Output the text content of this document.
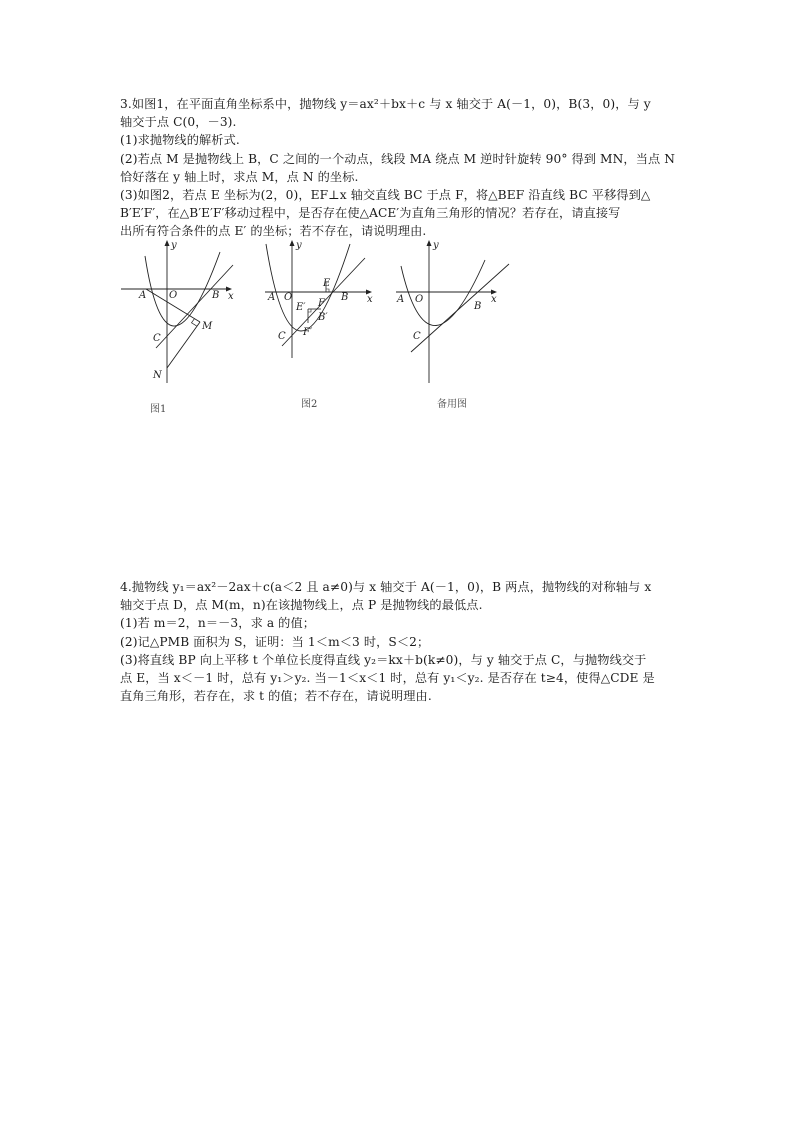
3.如图1，在平面直角坐标系中，抛物线 y＝ax²＋bx＋c 与 x 轴交于 A(－1，0)，B(3，0)，与 y
轴交于点 C(0，－3).
(1)求抛物线的解析式.
(2)若点 M 是抛物线上 B，C 之间的一个动点，线段 MA 绕点 M 逆时针旋转 90° 得到 MN，当点 N
恰好落在 y 轴上时，求点 M，点 N 的坐标.
(3)如图2，若点 E 坐标为(2，0)，EF⊥x 轴交直线 BC 于点 F，将△BEF 沿直线 BC 平移得到△
B′E′F′，在△B′E′F′移动过程中，是否存在使△ACE′为直角三角形的情况？若存在，请直接写
出所有符合条件的点 E′ 的坐标；若不存在，请说明理由.
y
x
A O	B
C
M
N
图1
y
x
A O
E
F
B
E′
B′
F′
C
图2
y
x
A O
B
C
备用图
4.抛物线 y₁＝ax²－2ax＋c(a＜2 且 a≠0)与 x 轴交于 A(－1，0)，B 两点，抛物线的对称轴与 x
轴交于点 D，点 M(m，n)在该抛物线上，点 P 是抛物线的最低点.
(1)若 m＝2，n＝－3，求 a 的值；
(2)记△PMB 面积为 S，证明：当 1＜m＜3 时，S＜2；
(3)将直线 BP 向上平移 t 个单位长度得直线 y₂＝kx＋b(k≠0)，与 y 轴交于点 C，与抛物线交于
点 E，当 x＜－1 时，总有 y₁＞y₂. 当－1＜x＜1 时，总有 y₁＜y₂. 是否存在 t≥4，使得△CDE 是
直角三角形，若存在，求 t 的值；若不存在，请说明理由.
